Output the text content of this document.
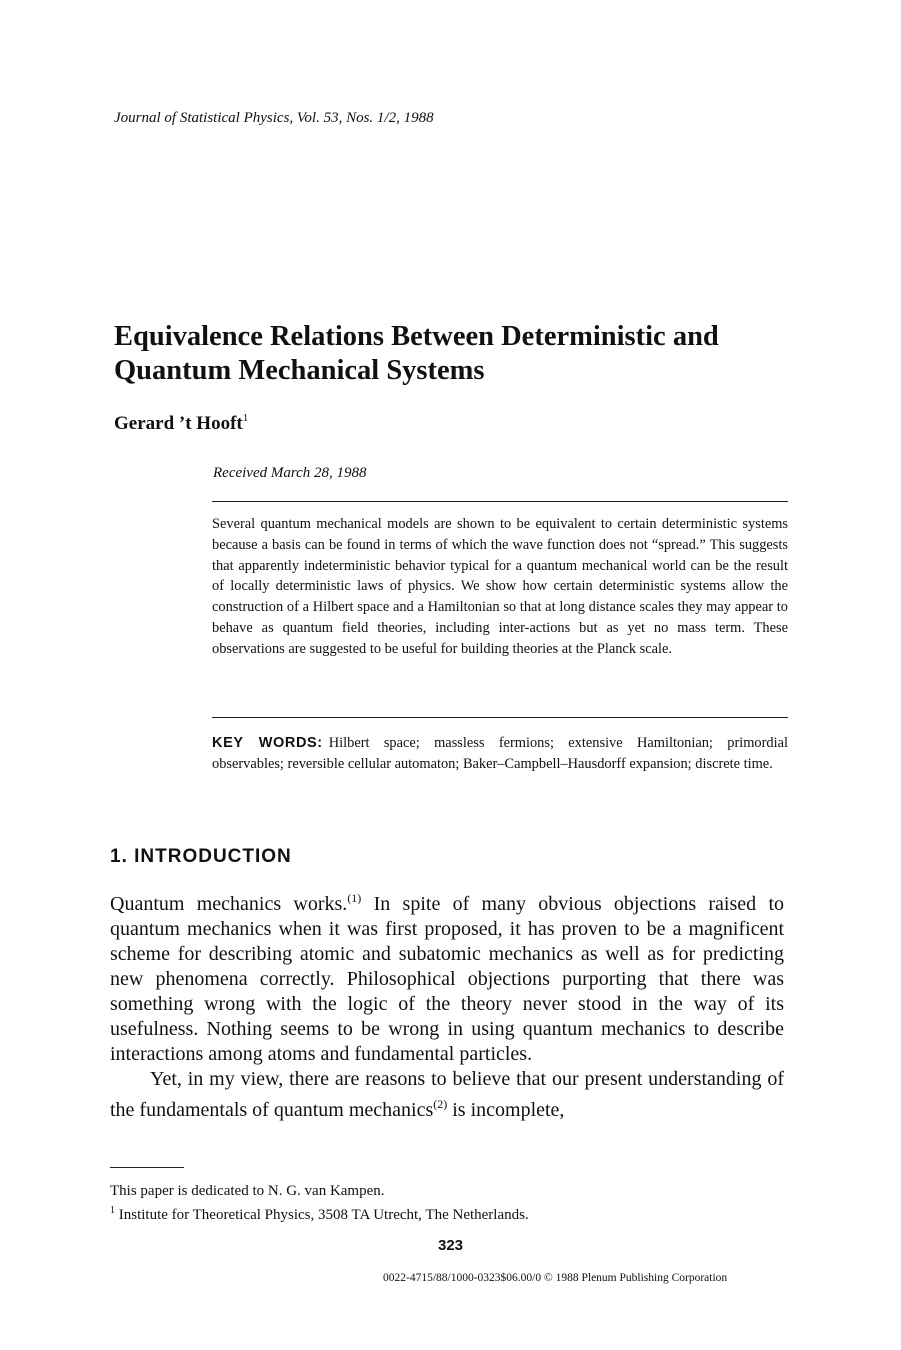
Journal of Statistical Physics, Vol. 53, Nos. 1/2, 1988
Equivalence Relations Between Deterministic and
Quantum Mechanical Systems
Gerard ’t Hooft$^1$
Received March 28, 1988
Several quantum mechanical models are shown to be equivalent to certain deterministic systems because a basis can be found in terms of which the wave function does not “spread.” This suggests that apparently indeterministic behavior typical for a quantum mechanical world can be the result of locally deterministic laws of physics. We show how certain deterministic systems allow the construction of a Hilbert space and a Hamiltonian so that at long distance scales they may appear to behave as quantum field theories, including inter-actions but as yet no mass term. These observations are suggested to be useful for building theories at the Planck scale.
KEY WORDS: Hilbert space; massless fermions; extensive Hamiltonian; primordial observables; reversible cellular automaton; Baker–Campbell–Hausdorff expansion; discrete time.
1. INTRODUCTION

Quantum mechanics works.$^{(1)}$ In spite of many obvious objections raised to quantum mechanics when it was first proposed, it has proven to be a magnificent scheme for describing atomic and subatomic mechanics as well as for predicting new phenomena correctly. Philosophical objections purporting that there was something wrong with the logic of the theory never stood in the way of its usefulness. Nothing seems to be wrong in using quantum mechanics to describe interactions among atoms and fundamental particles.

Yet, in my view, there are reasons to believe that our present understanding of the fundamentals of quantum mechanics$^{(2)}$ is incomplete,

This paper is dedicated to N. G. van Kampen.
$^1$ Institute for Theoretical Physics, 3508 TA Utrecht, The Netherlands.
323
0022-4715/88/1000-0323$06.00/0 © 1988 Plenum Publishing Corporation
